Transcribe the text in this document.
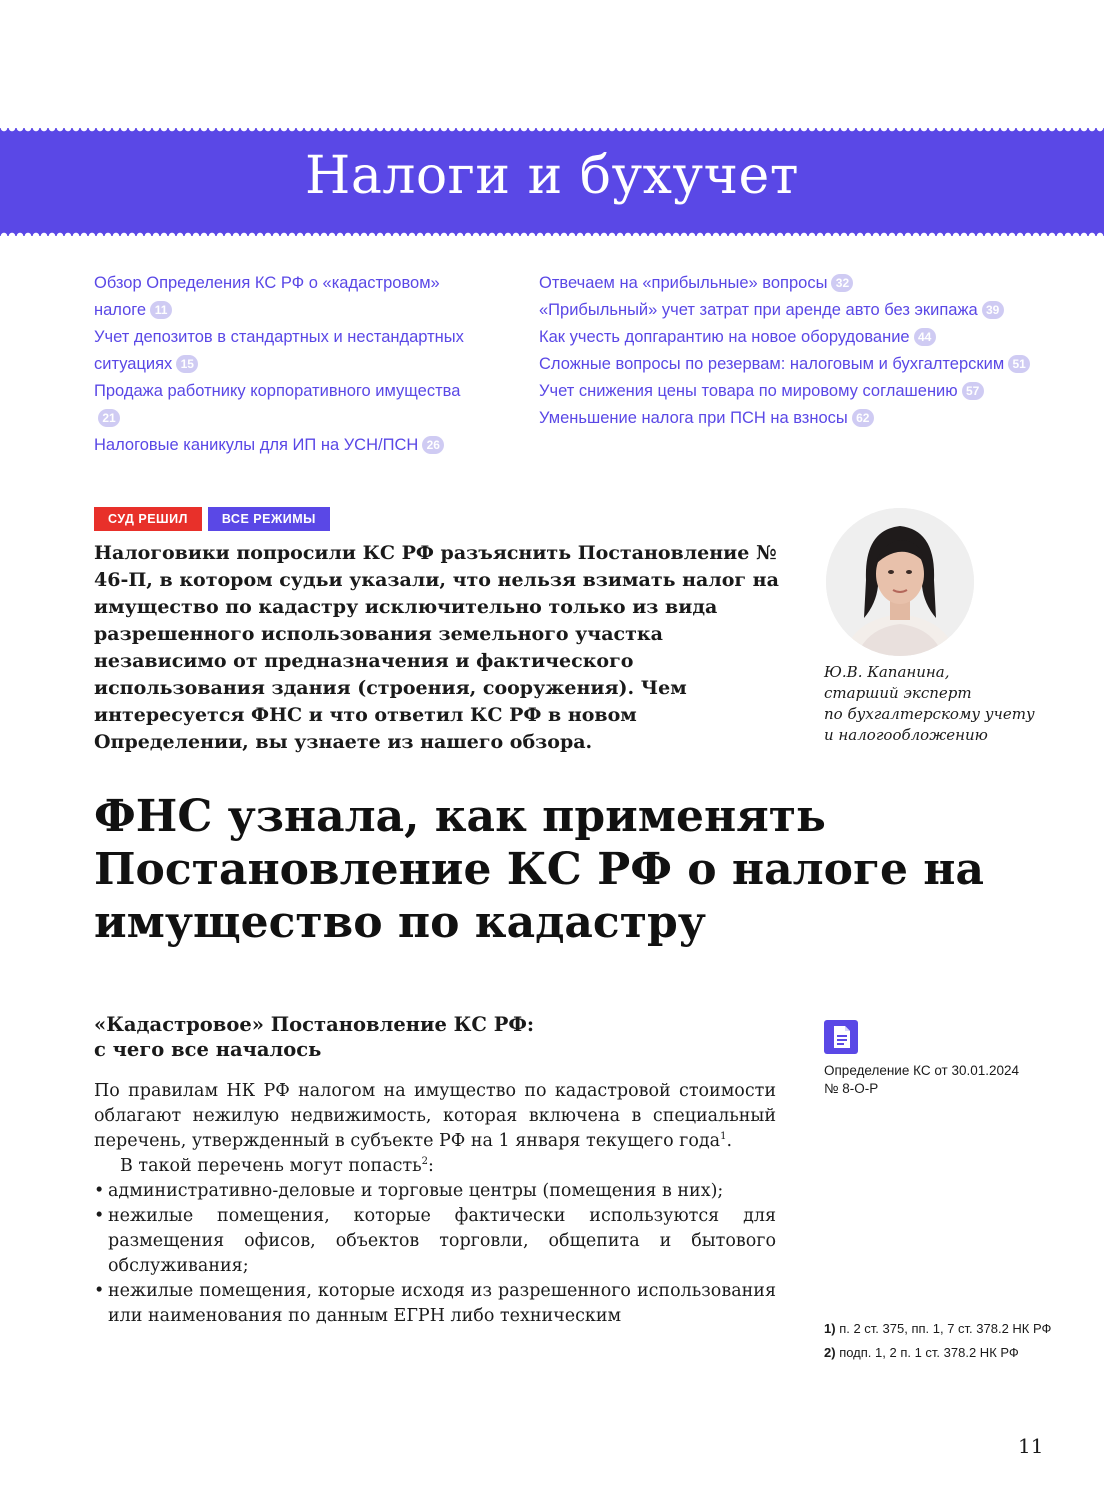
Налоги и бухучет
Обзор Определения КС РФ о «кадастровом» налоге 11
Учет депозитов в стандартных и нестандартных ситуациях 15
Продажа работнику корпоративного имущества21
Налоговые каникулы для ИП на УСН/ПСН 26
Отвечаем на «прибыльные» вопросы 32
«Прибыльный» учет затрат при аренде авто без экипажа 39
Как учесть допгарантию на новое оборудование 44
Сложные вопросы по резервам: налоговым и бухгалтерским 51
Учет снижения цены товара по мировому соглашению 57
Уменьшение налога при ПСН на взносы 62
СУД РЕШИЛ	ВСЕ РЕЖИМЫ

Налоговики попросили КС РФ разъяснить Постановление № 46-П, в котором судьи указали, что нельзя взимать налог на имущество по кадастру исключительно только из вида разрешенного использования земельного участка независимо от предназначения и фактического использования здания (строения, сооружения). Чем интересуется ФНС и что ответил КС РФ в новом Определении, вы узнаете из нашего обзора.

Ю.В. Капанина,
старший эксперт
по бухгалтерскому учету
и налогообложению
ФНС узнала, как применять Постановление КС РФ о налоге на имущество по кадастру
«Кадастровое» Постановление КС РФ:
с чего все началось

По правилам НК РФ налогом на имущество по кадастровой стоимости облагают нежилую недвижимость, которая включена в специальный перечень, утвержденный в субъекте РФ на 1 января текущего года$^1$.

В такой перечень могут попасть$^2$:

• административно-деловые и торговые центры (помещения в них);
• нежилые помещения, которые фактически используются для размещения офисов, объектов торговли, общепита и бытового обслуживания;
• нежилые помещения, которые исходя из разрешенного использования или наименования по данным ЕГРН либо техническим
Определение КС от 30.01.2024
№ 8-О-Р
1) п. 2 ст. 375, пп. 1, 7 ст. 378.2 НК РФ
2) подп. 1, 2 п. 1 ст. 378.2 НК РФ
11
